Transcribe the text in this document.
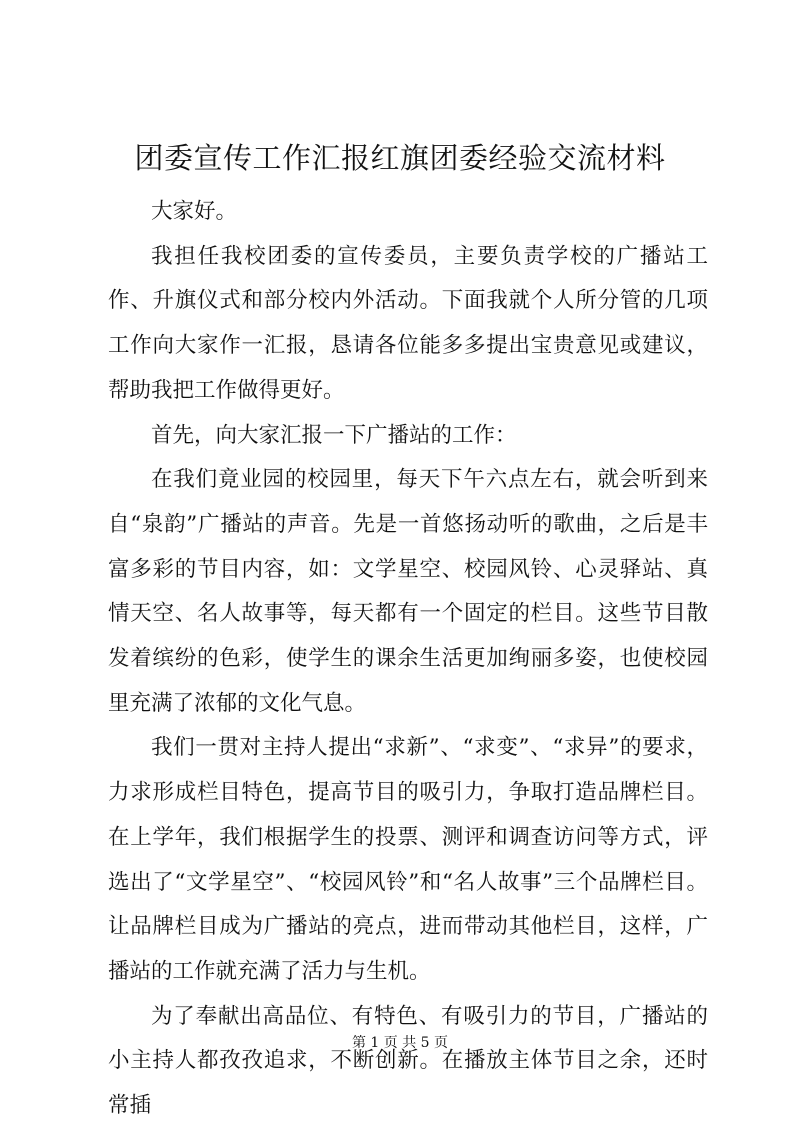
团委宣传工作汇报红旗团委经验交流材料

大家好。

我担任我校团委的宣传委员，主要负责学校的广播站工作、升旗仪式和部分校内外活动。下面我就个人所分管的几项工作向大家作一汇报，恳请各位能多多提出宝贵意见或建议，帮助我把工作做得更好。

首先，向大家汇报一下广播站的工作：

在我们竟业园的校园里，每天下午六点左右，就会听到来自“泉韵”广播站的声音。先是一首悠扬动听的歌曲，之后是丰富多彩的节目内容，如：文学星空、校园风铃、心灵驿站、真情天空、名人故事等，每天都有一个固定的栏目。这些节目散发着缤纷的色彩，使学生的课余生活更加绚丽多姿，也使校园里充满了浓郁的文化气息。

我们一贯对主持人提出“求新”、“求变”、“求异”的要求，力求形成栏目特色，提高节目的吸引力，争取打造品牌栏目。在上学年，我们根据学生的投票、测评和调查访问等方式，评选出了“文学星空”、“校园风铃”和“名人故事”三个品牌栏目。让品牌栏目成为广播站的亮点，进而带动其他栏目，这样，广播站的工作就充满了活力与生机。

为了奉献出高品位、有特色、有吸引力的节目，广播站的小主持人都孜孜追求，不断创新。在播放主体节目之余，还时常插

第 1 页 共 5 页
